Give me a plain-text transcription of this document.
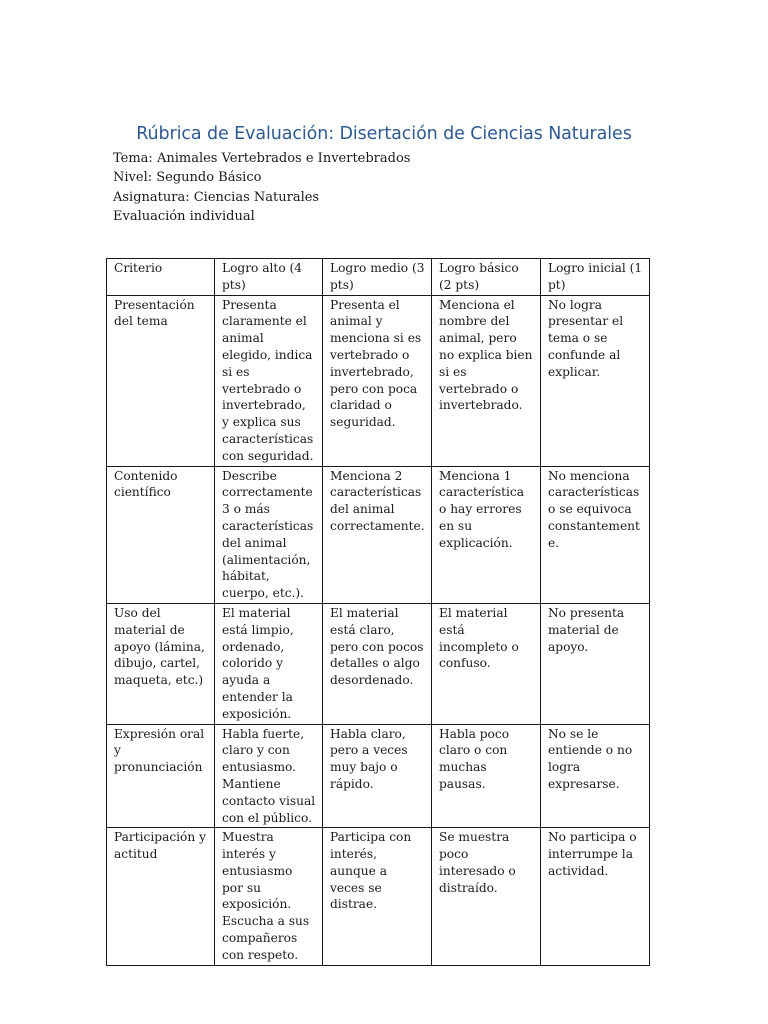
Rúbrica de Evaluación: Disertación de Ciencias Naturales
Tema: Animales Vertebrados e Invertebrados
Nivel: Segundo Básico
Asignatura: Ciencias Naturales
Evaluación individual
Criterio	Logro alto (4 pts)	Logro medio (3 pts)	Logro básico (2 pts)	Logro inicial (1 pt)
Presentación del tema	Presenta claramente el animal elegido, indica si es vertebrado o invertebrado, y explica sus características con seguridad.	Presenta el animal y menciona si es vertebrado o invertebrado, pero con poca claridad o seguridad.	Menciona el nombre del animal, pero no explica bien si es vertebrado o invertebrado.	No logra presentar el tema o se confunde al explicar.
Contenido científico	Describe correctamente 3 o más características del animal (alimentación, hábitat, cuerpo, etc.).	Menciona 2 características del animal correctamente.	Menciona 1 característica o hay errores en su explicación.	No menciona características o se equivoca constantemente.
Uso del material de apoyo (lámina, dibujo, cartel, maqueta, etc.)	El material está limpio, ordenado, colorido y ayuda a entender la exposición.	El material está claro, pero con pocos detalles o algo desordenado.	El material está incompleto o confuso.	No presenta material de apoyo.
Expresión oral y pronunciación	Habla fuerte, claro y con entusiasmo. Mantiene contacto visual con el público.	Habla claro, pero a veces muy bajo o rápido.	Habla poco claro o con muchas pausas.	No se le entiende o no logra expresarse.
Participación y actitud	Muestra interés y entusiasmo por su exposición. Escucha a sus compañeros con respeto.	Participa con interés, aunque a veces se distrae.	Se muestra poco interesado o distraído.	No participa o interrumpe la actividad.
